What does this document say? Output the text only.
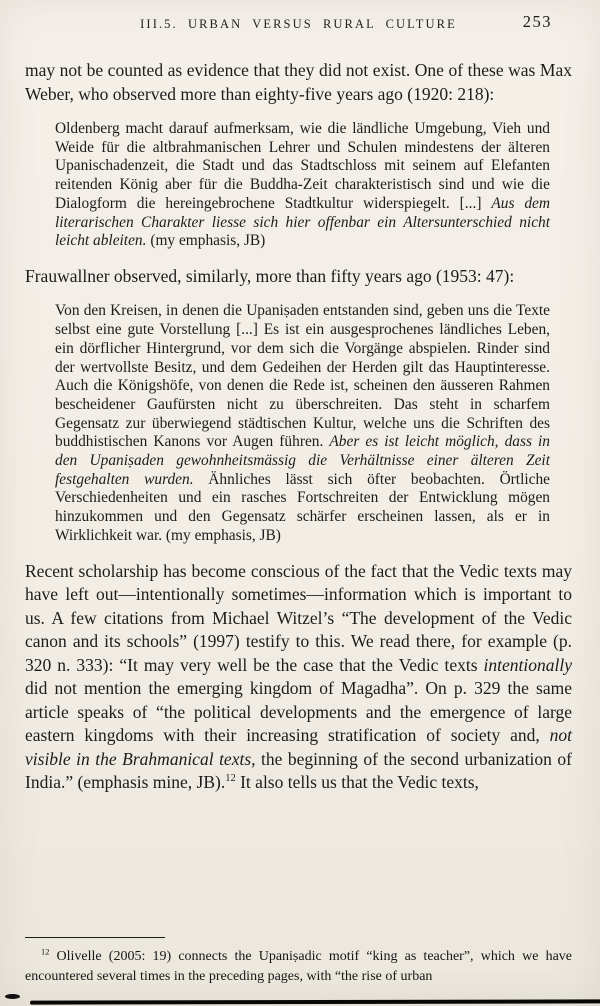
III.5. URBAN VERSUS RURAL CULTURE	253

may not be counted as evidence that they did not exist. One of these was Max Weber, who observed more than eighty-five years ago (1920: 218):

Oldenberg macht darauf aufmerksam, wie die ländliche Umgebung, Vieh und Weide für die altbrahmanischen Lehrer und Schulen mindestens der älteren Upanischadenzeit, die Stadt und das Stadtschloss mit seinem auf Elefanten reitenden König aber für die Buddha-Zeit charakteristisch sind und wie die Dialogform die hereingebrochene Stadtkultur widerspiegelt. [...] Aus dem literarischen Charakter liesse sich hier offenbar ein Altersunterschied nicht leicht ableiten. (my emphasis, JB)

Frauwallner observed, similarly, more than fifty years ago (1953: 47):

Von den Kreisen, in denen die Upaniṣaden entstanden sind, geben uns die Texte selbst eine gute Vorstellung [...] Es ist ein ausgesprochenes ländliches Leben, ein dörflicher Hintergrund, vor dem sich die Vorgänge abspielen. Rinder sind der wertvollste Besitz, und dem Gedeihen der Herden gilt das Hauptinteresse. Auch die Königshöfe, von denen die Rede ist, scheinen den äusseren Rahmen bescheidener Gaufürsten nicht zu überschreiten. Das steht in scharfem Gegensatz zur überwiegend städtischen Kultur, welche uns die Schriften des buddhistischen Kanons vor Augen führen. Aber es ist leicht möglich, dass in den Upaniṣaden gewohnheitsmässig die Verhältnisse einer älteren Zeit festgehalten wurden. Ähnliches lässt sich öfter beobachten. Örtliche Verschiedenheiten und ein rasches Fortschreiten der Entwicklung mögen hinzukommen und den Gegensatz schärfer erscheinen lassen, als er in Wirklichkeit war. (my emphasis, JB)

Recent scholarship has become conscious of the fact that the Vedic texts may have left out—intentionally sometimes—information which is important to us. A few citations from Michael Witzel’s “The development of the Vedic canon and its schools” (1997) testify to this. We read there, for example (p. 320 n. 333): “It may very well be the case that the Vedic texts intentionally did not mention the emerging kingdom of Magadha”. On p. 329 the same article speaks of “the political developments and the emergence of large eastern kingdoms with their increasing stratification of society and, not visible in the Brahmanical texts, the beginning of the second urbanization of India.” (emphasis mine, JB).$^{12}$ It also tells us that the Vedic texts,

$^{12}$ Olivelle (2005: 19) connects the Upaniṣadic motif “king as teacher”, which we have encountered several times in the preceding pages, with “the rise of urban
